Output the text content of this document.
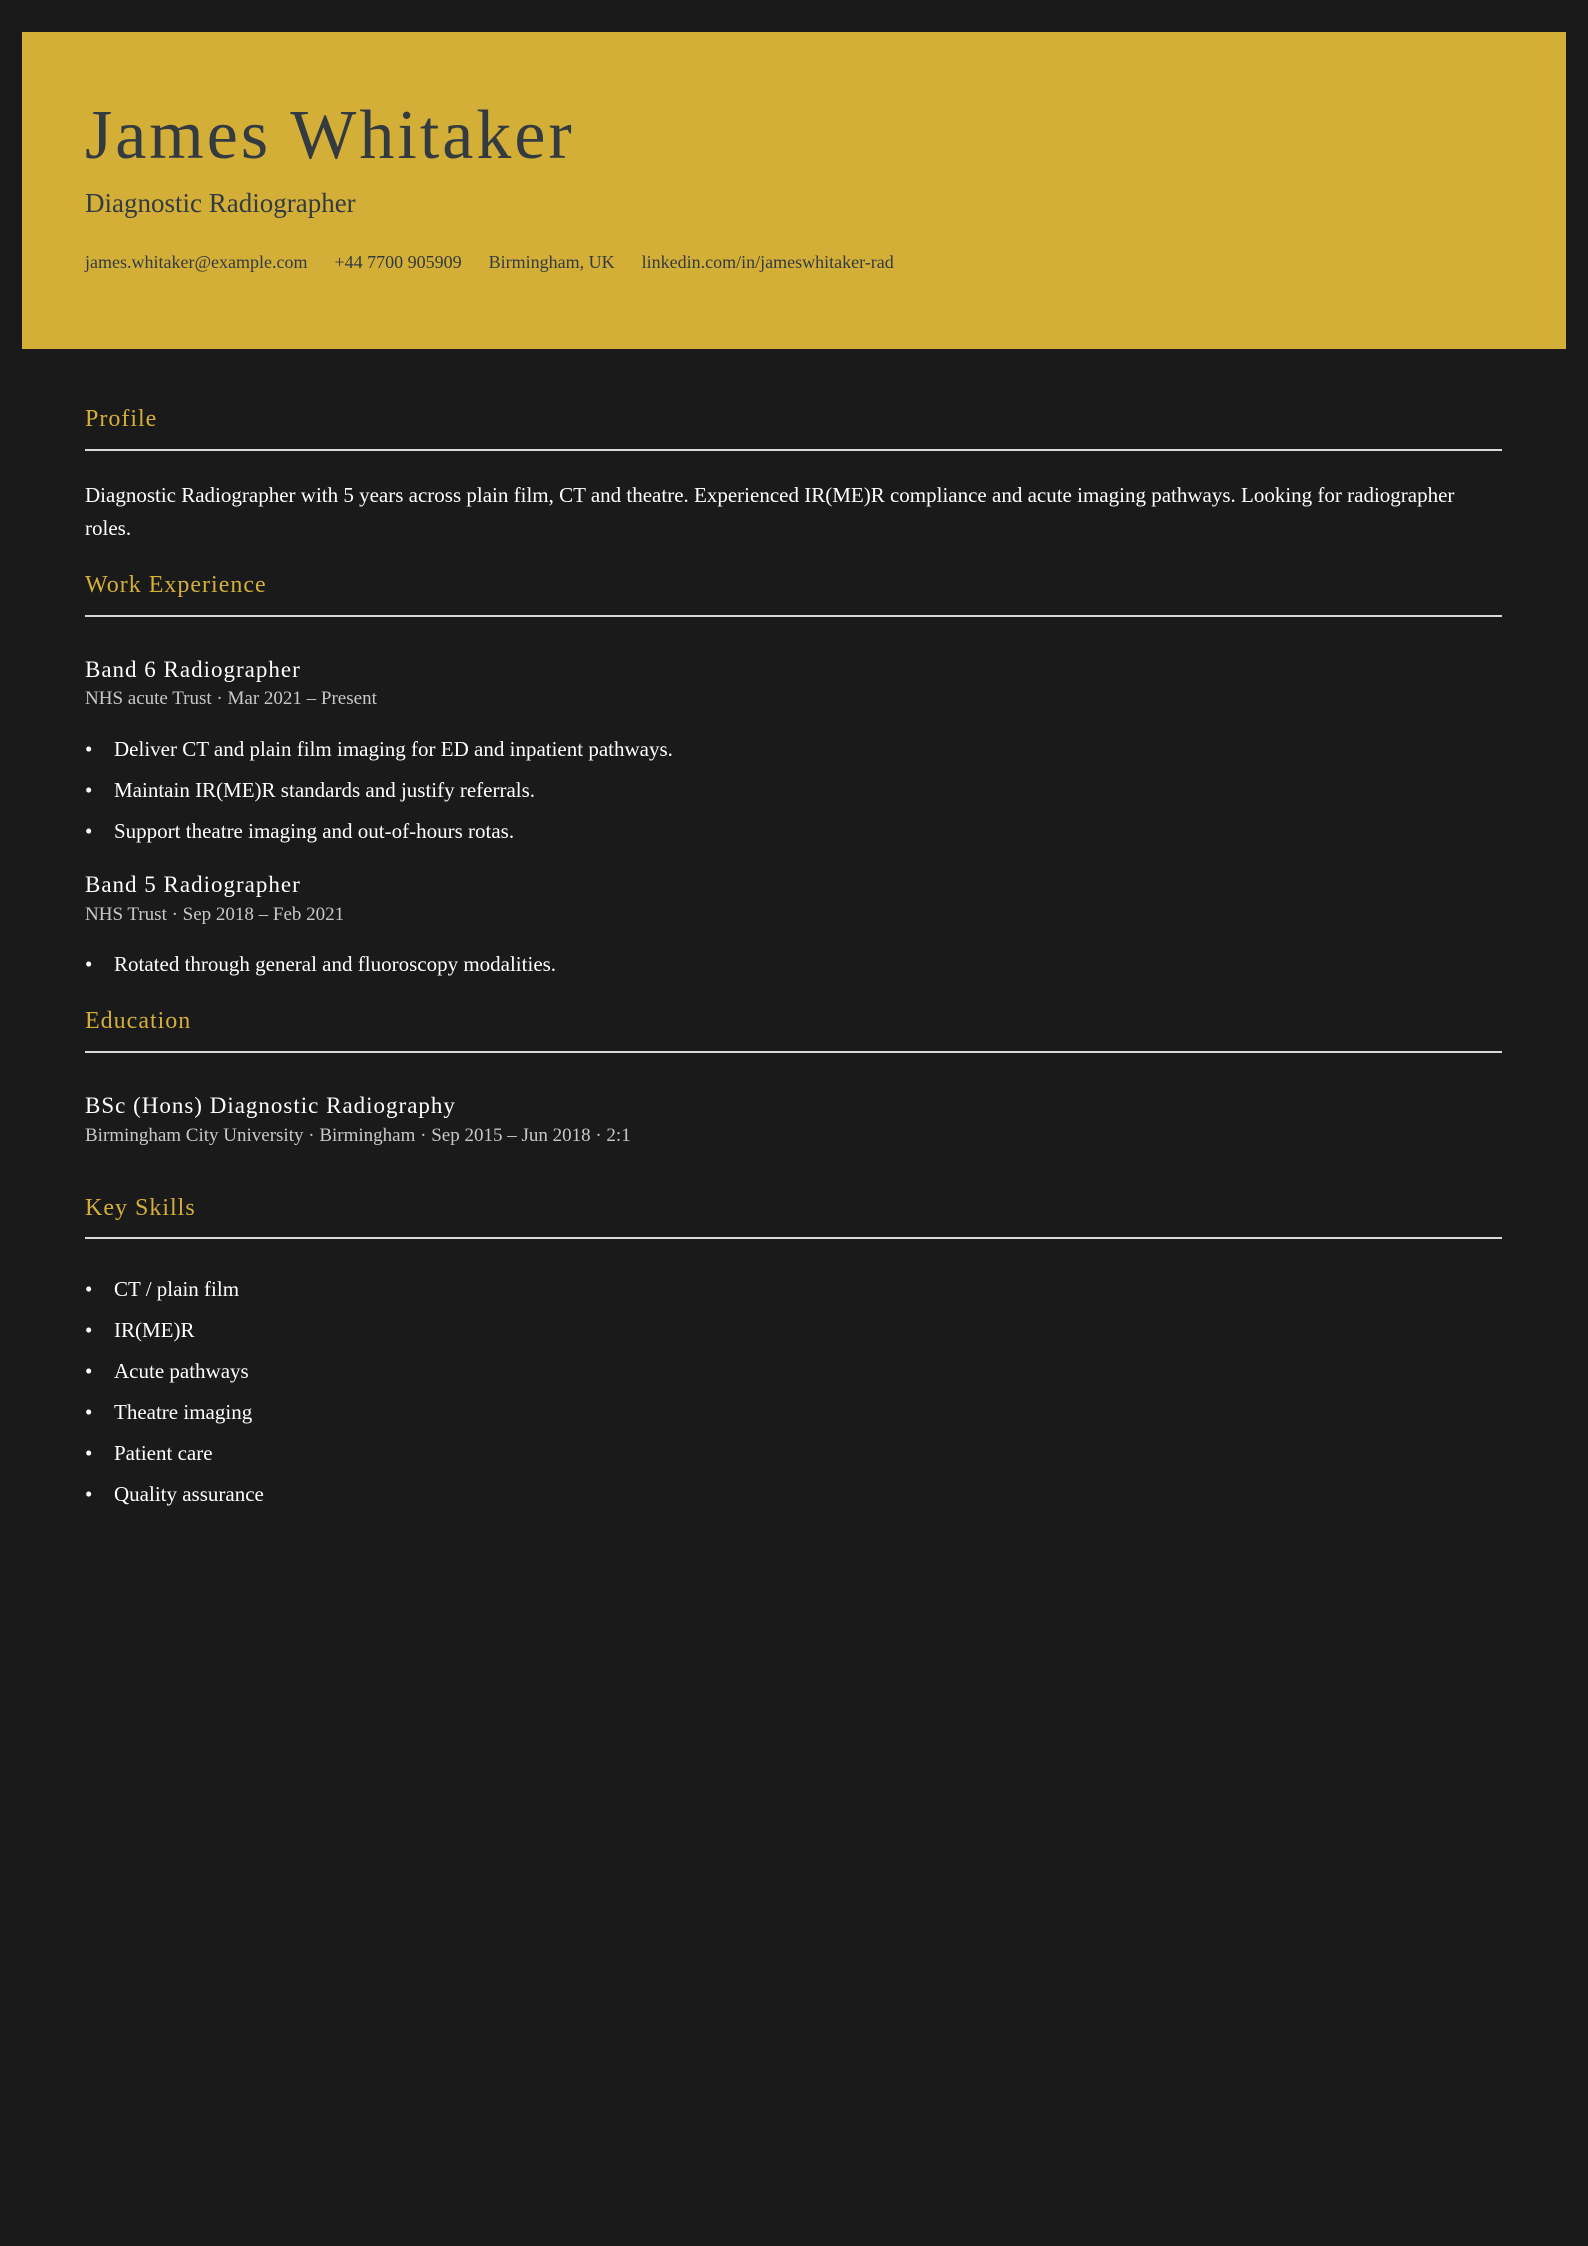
James Whitaker
Diagnostic Radiographer
james.whitaker@example.com +44 7700 905909 Birmingham, UK linkedin.com/in/jameswhitaker-rad
Profile

Diagnostic Radiographer with 5 years across plain film, CT and theatre. Experienced IR(ME)R compliance and acute imaging pathways. Looking for radiographer roles.

Work Experience
Band 6 Radiographer

NHS acute Trust · Mar 2021 – Present

• Deliver CT and plain film imaging for ED and inpatient pathways.
• Maintain IR(ME)R standards and justify referrals.
• Support theatre imaging and out-of-hours rotas.
Band 5 Radiographer

NHS Trust · Sep 2018 – Feb 2021

• Rotated through general and fluoroscopy modalities.
Education
BSc (Hons) Diagnostic Radiography

Birmingham City University · Birmingham · Sep 2015 – Jun 2018 · 2:1

Key Skills
• CT / plain film
• IR(ME)R
• Acute pathways
• Theatre imaging
• Patient care
• Quality assurance
